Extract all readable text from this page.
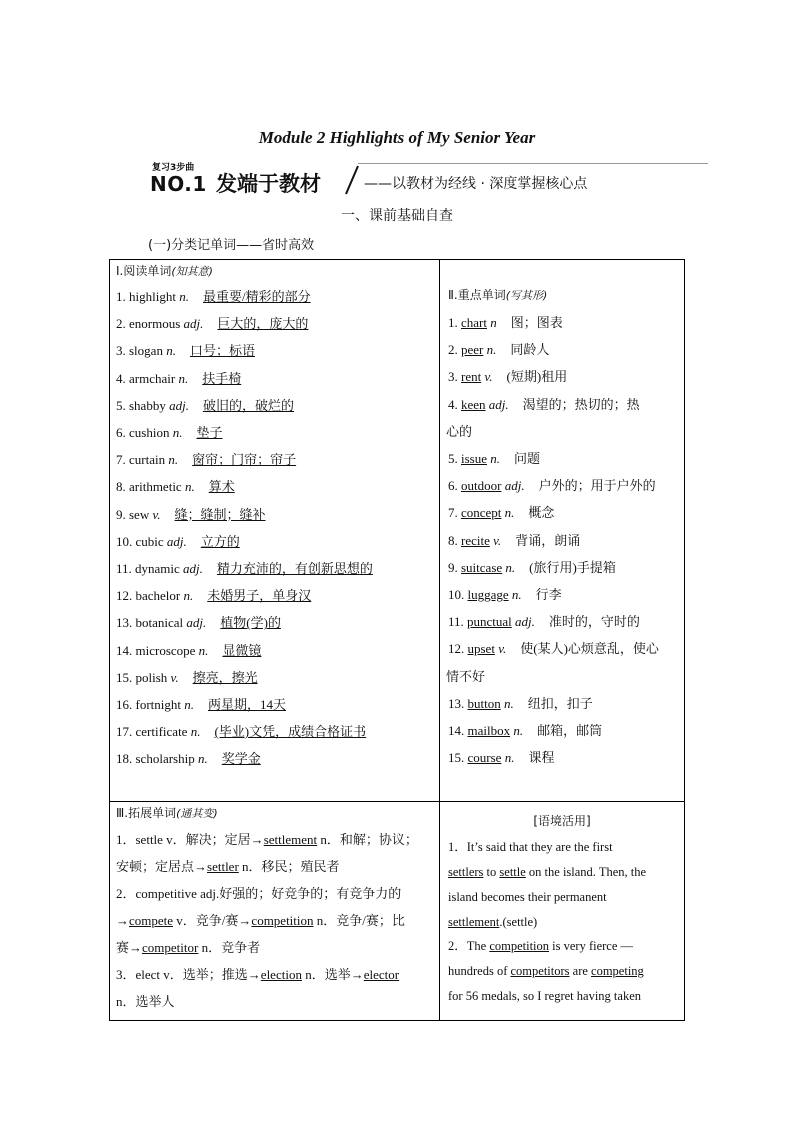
Module 2 Highlights of My Senior Year
复习3步曲
NO.1 发端于教材	——以教材为经线 · 深度掌握核心点
一、课前基础自查
(一)分类记单词——省时高效
Ⅰ.阅读单词(知其意)
1. highlight n. 最重要/精彩的部分
2. enormous adj. 巨大的，庞大的
3. slogan n. 口号；标语
4. armchair n. 扶手椅
5. shabby adj. 破旧的，破烂的
6. cushion n. 垫子
7. curtain n. 窗帘；门帘；帘子
8. arithmetic n. 算术
9. sew v. 缝；缝制；缝补
10. cubic adj. 立方的
11. dynamic adj. 精力充沛的，有创新思想的
12. bachelor n. 未婚男子，单身汉
13. botanical adj. 植物(学)的
14. microscope n. 显微镜
15. polish v. 擦亮，擦光
16. fortnight n. 两星期，14天
17. certificate n. (毕业)文凭，成绩合格证书
18. scholarship n. 奖学金
Ⅱ.重点单词(写其形)
1. chart n 图；图表
2. peer n. 同龄人
3. rent v. (短期)租用
4. keen adj. 渴望的；热切的；热
心的
5. issue n. 问题
6. outdoor adj. 户外的；用于户外的
7. concept n. 概念
8. recite v. 背诵，朗诵
9. suitcase n. (旅行用)手提箱
10. luggage n. 行李
11. punctual adj. 准时的，守时的
12. upset v. 使(某人)心烦意乱，使心
情不好
13. button n. 纽扣，扣子
14. mailbox n. 邮箱，邮筒
15. course n. 课程
Ⅲ.拓展单词(通其变)
1．settle v．解决；定居→settlement n．和解；协议；
安顿；定居点→settler n．移民；殖民者
2．competitive adj.好强的；好竞争的；有竞争力的
→compete v．竞争/赛→competition n．竞争/赛；比
赛→competitor n．竞争者
3．elect v．选举；推选→election n．选举→elector
n．选举人
[语境活用]
1．It’s said that they are the first
settlers to settle on the island. Then, the
island becomes their permanent
settlement.(settle)
2．The competition is very fierce —
hundreds of competitors are competing
for 56 medals, so I regret having taken
